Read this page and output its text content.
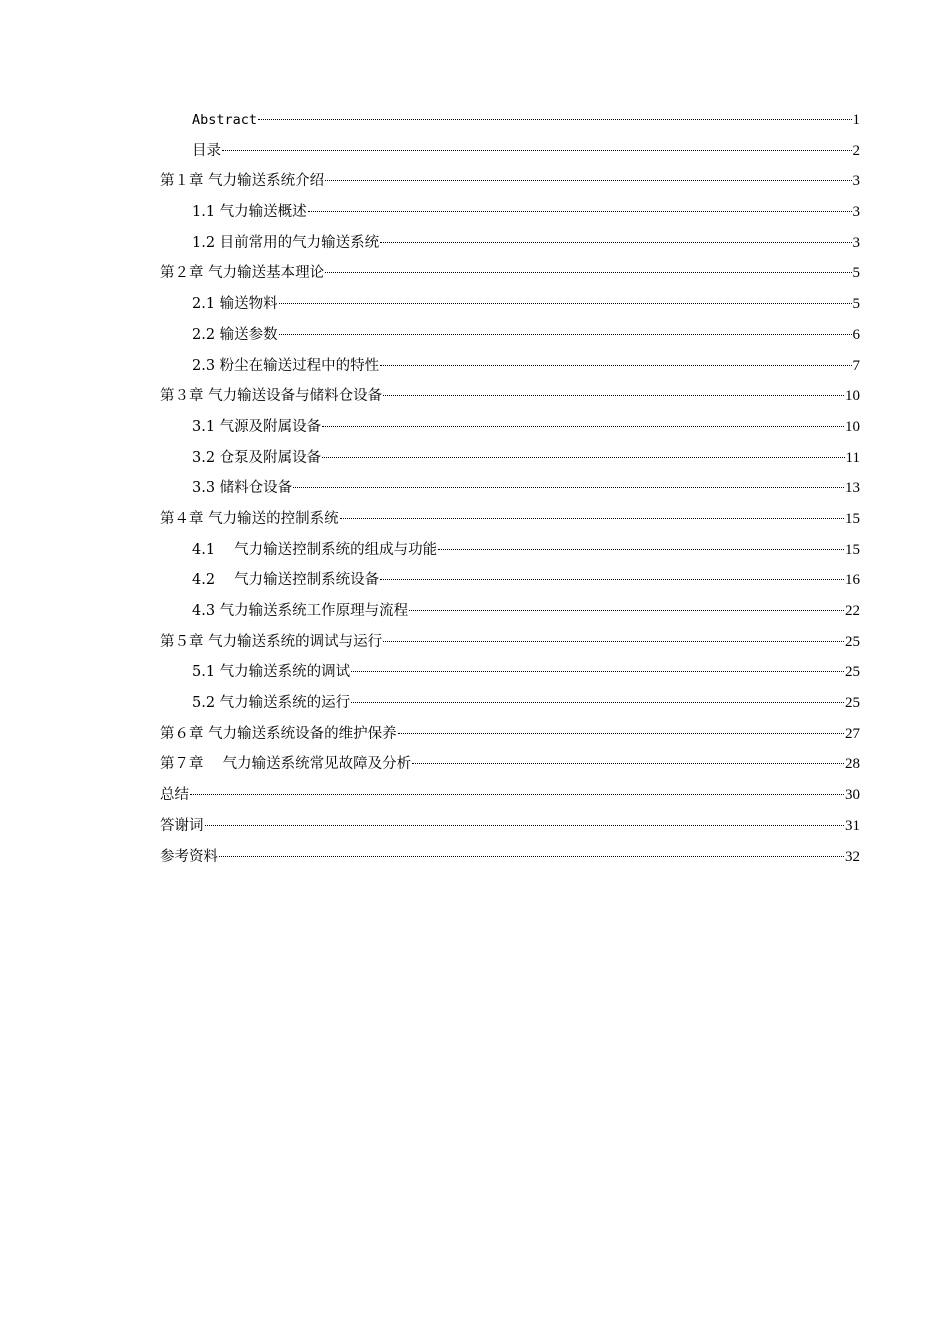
Abstract	1
目录	2
第１章 气力输送系统介绍	3
1.1 气力输送概述	3
1.2 目前常用的气力输送系统	3
第２章 气力输送基本理论	5
2.1 输送物料	5
2.2 输送参数	6
2.3 粉尘在输送过程中的特性	7
第３章 气力输送设备与储料仓设备	10
3.1 气源及附属设备	10
3.2 仓泵及附属设备	11
3.3 储料仓设备	13
第４章 气力输送的控制系统	15
4.1 　气力输送控制系统的组成与功能	15
4.2 　气力输送控制系统设备	16
4.3 气力输送系统工作原理与流程	22
第５章 气力输送系统的调试与运行	25
5.1 气力输送系统的调试	25
5.2 气力输送系统的运行	25
第６章 气力输送系统设备的维护保养	27
第７章 　气力输送系统常见故障及分析	28
总结	30
答谢词	31
参考资料	32
